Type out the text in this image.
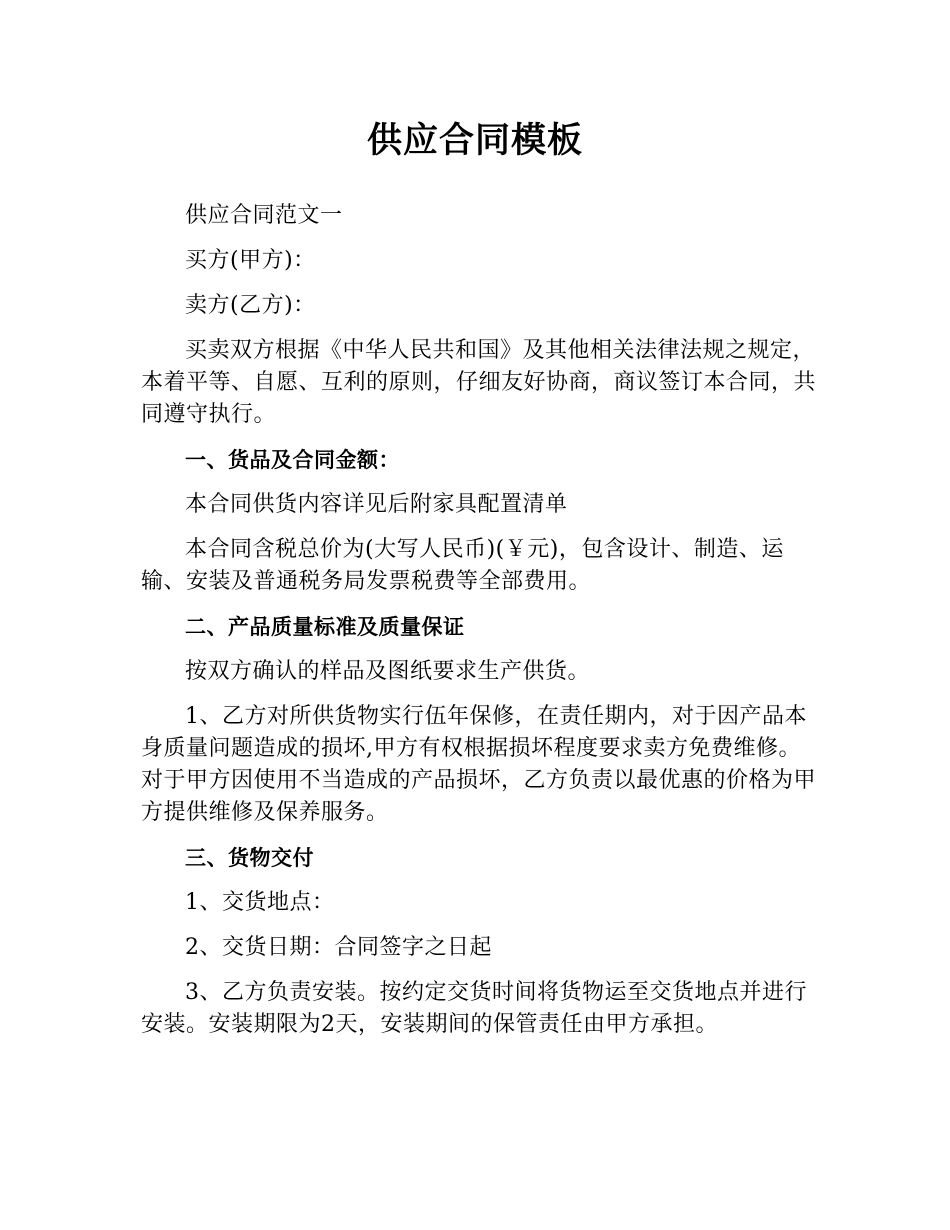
供应合同模板

供应合同范文一

买方(甲方)：

卖方(乙方)：

买卖双方根据《中华人民共和国》及其他相关法律法规之规定，本着平等、自愿、互利的原则，仔细友好协商，商议签订本合同，共同遵守执行。

一、货品及合同金额：

本合同供货内容详见后附家具配置清单

本合同含税总价为(大写人民币)(￥元)，包含设计、制造、运输、安装及普通税务局发票税费等全部费用。

二、产品质量标准及质量保证

按双方确认的样品及图纸要求生产供货。

1、乙方对所供货物实行伍年保修，在责任期内，对于因产品本身质量问题造成的损坏,甲方有权根据损坏程度要求卖方免费维修。对于甲方因使用不当造成的产品损坏，乙方负责以最优惠的价格为甲方提供维修及保养服务。

三、货物交付

1、交货地点：

2、交货日期：合同签字之日起

3、乙方负责安装。按约定交货时间将货物运至交货地点并进行安装。安装期限为2天，安装期间的保管责任由甲方承担。
